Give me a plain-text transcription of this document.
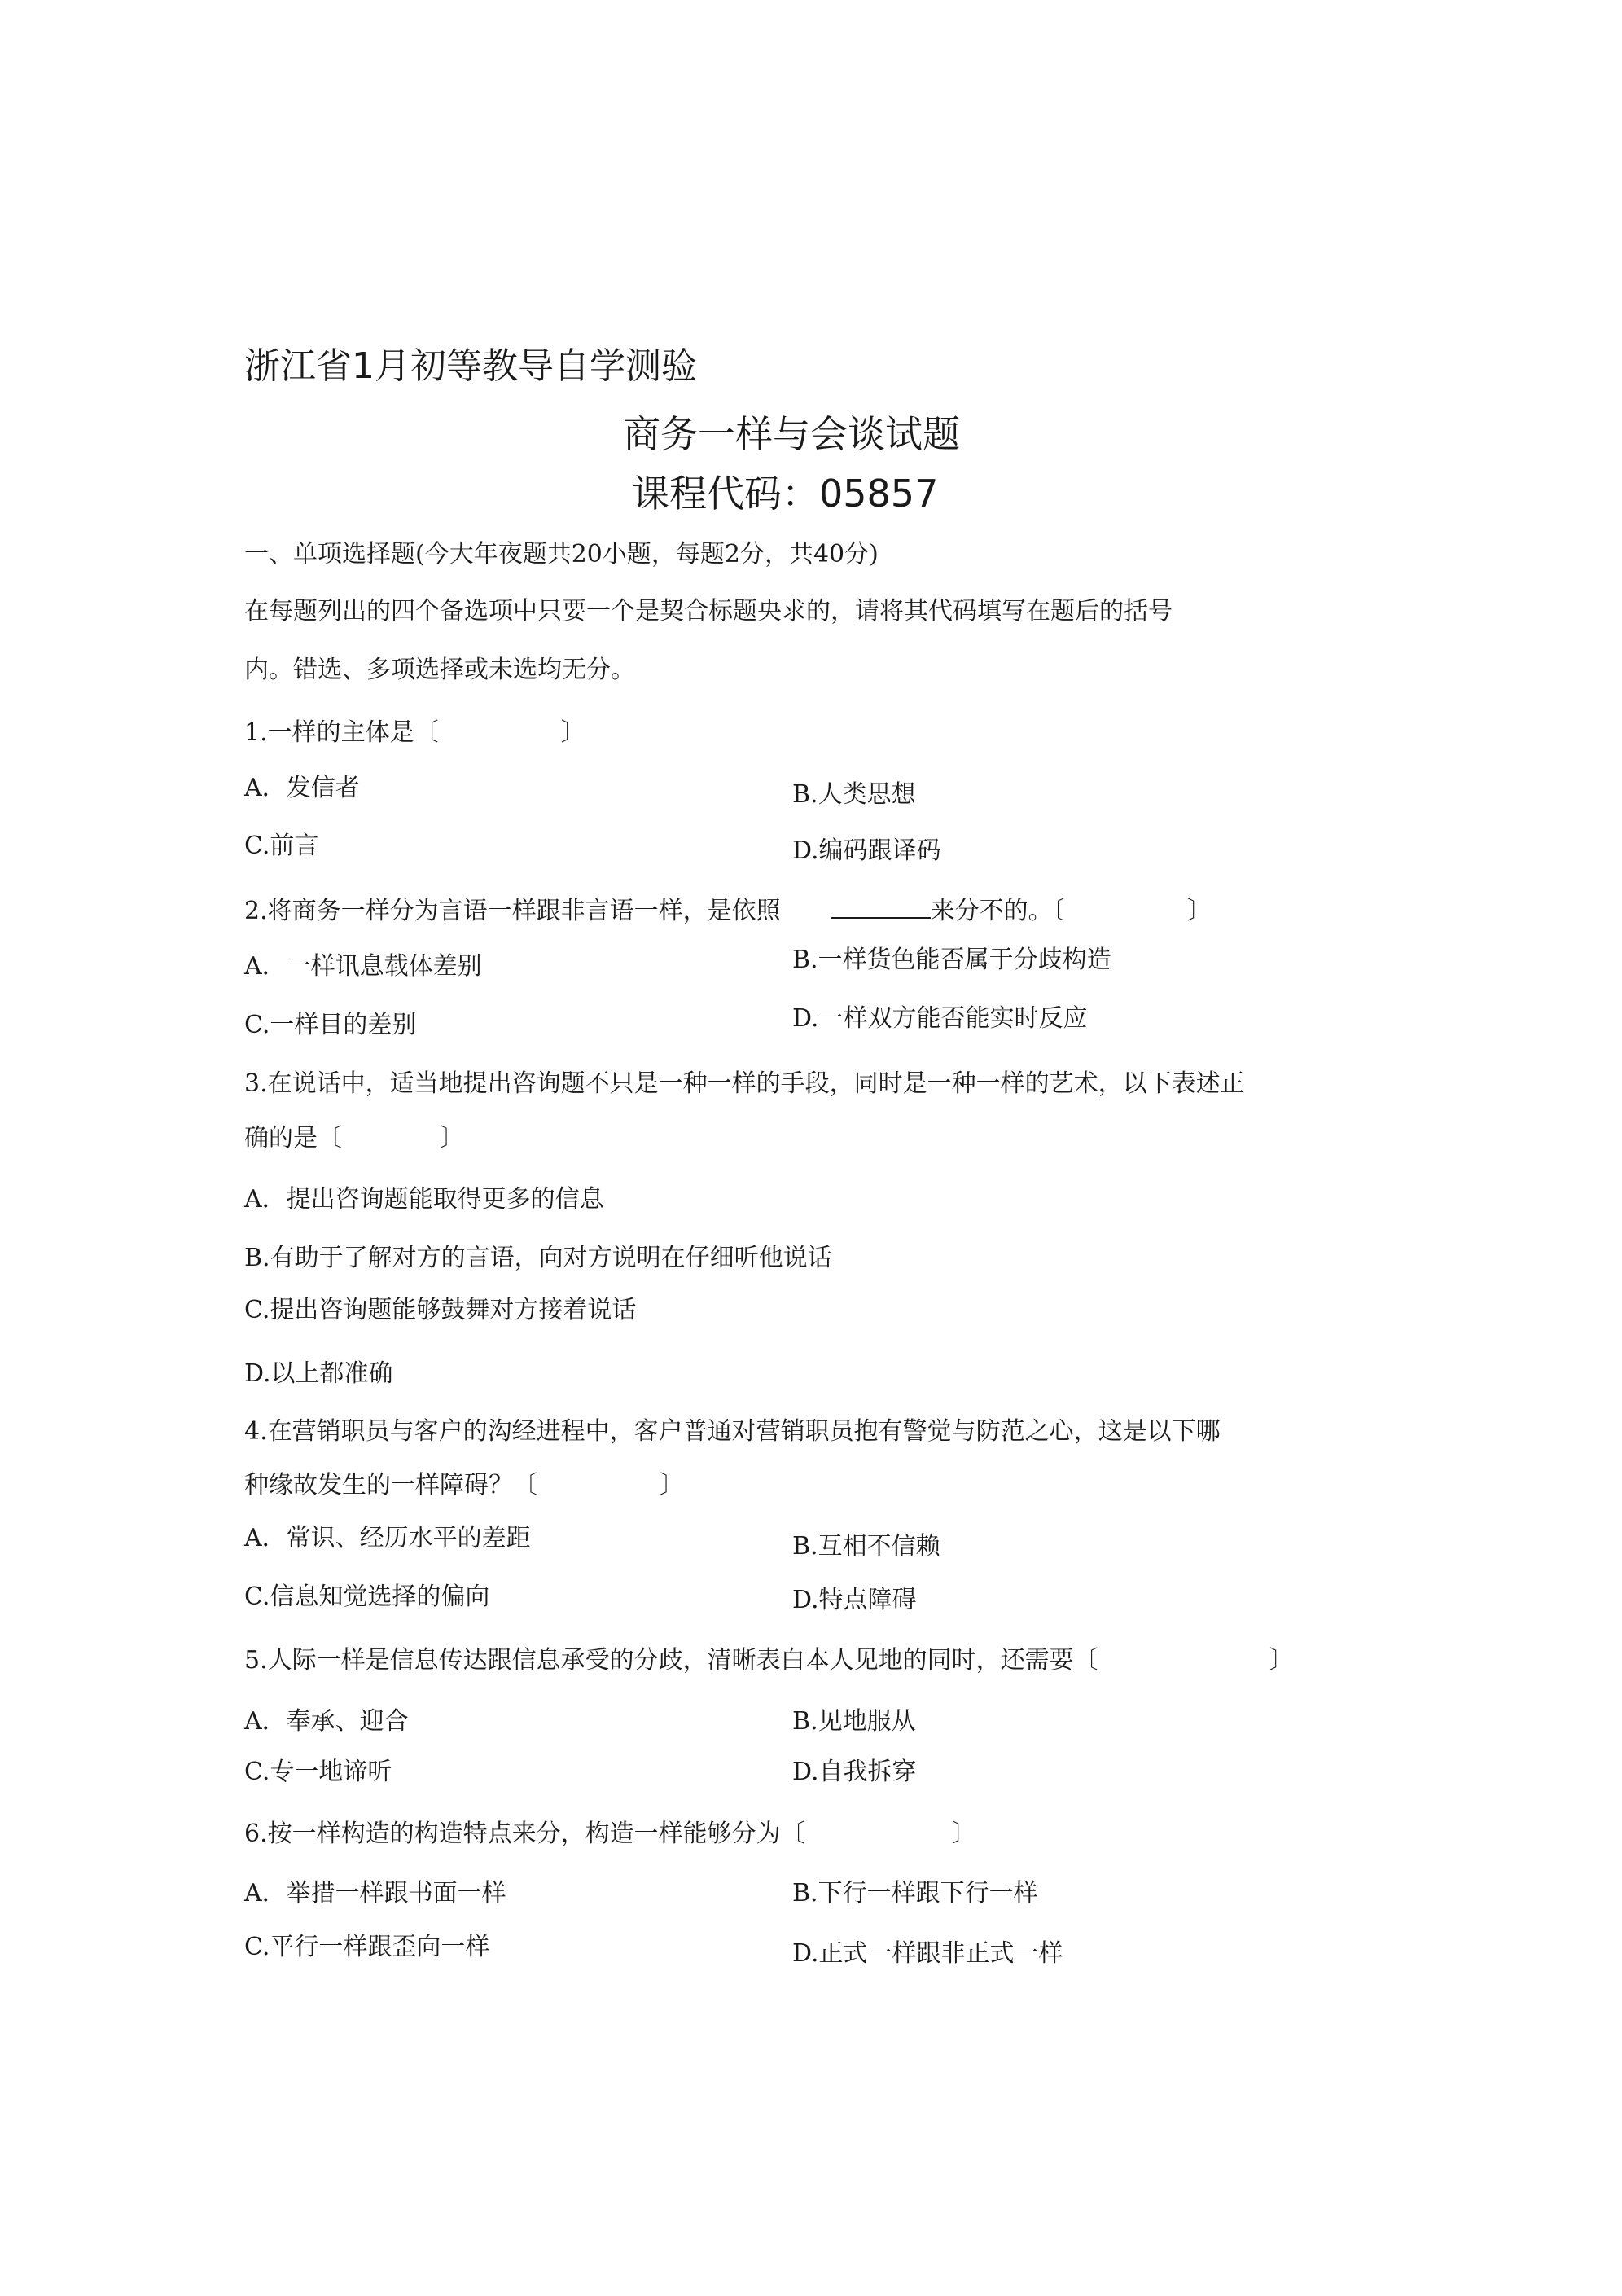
浙江省1月初等教导自学测验
商务一样与会谈试题
课程代码：05857
一、单项选择题(今大年夜题共20小题，每题2分，共40分)
在每题列出的四个备选项中只要一个是契合标题央求的，请将其代码填写在题后的括号
内。错选、多项选择或未选均无分。
1.一样的主体是〔　　　　　〕
A．发信者	B.人类思想
C.前言	D.编码跟译码
2.将商务一样分为言语一样跟非言语一样，是依照	来分不的。〔　　　　　〕
A．一样讯息载体差别	B.一样货色能否属于分歧构造
C.一样目的差别	D.一样双方能否能实时反应
3.在说话中，适当地提出咨询题不只是一种一样的手段，同时是一种一样的艺术，以下表述正
确的是〔　　　　〕
A．提出咨询题能取得更多的信息
B.有助于了解对方的言语，向对方说明在仔细听他说话
C.提出咨询题能够鼓舞对方接着说话
D.以上都准确
4.在营销职员与客户的沟经进程中，客户普通对营销职员抱有警觉与防范之心，这是以下哪
种缘故发生的一样障碍？〔　　　　　〕
A．常识、经历水平的差距	B.互相不信赖
C.信息知觉选择的偏向	D.特点障碍
5.人际一样是信息传达跟信息承受的分歧，清晰表白本人见地的同时，还需要〔　　　　　　　〕
A．奉承、迎合	B.见地服从
C.专一地谛听	D.自我拆穿
6.按一样构造的构造特点来分，构造一样能够分为〔　　　　　　〕
A．举措一样跟书面一样	B.下行一样跟下行一样
C.平行一样跟歪向一样	D.正式一样跟非正式一样
